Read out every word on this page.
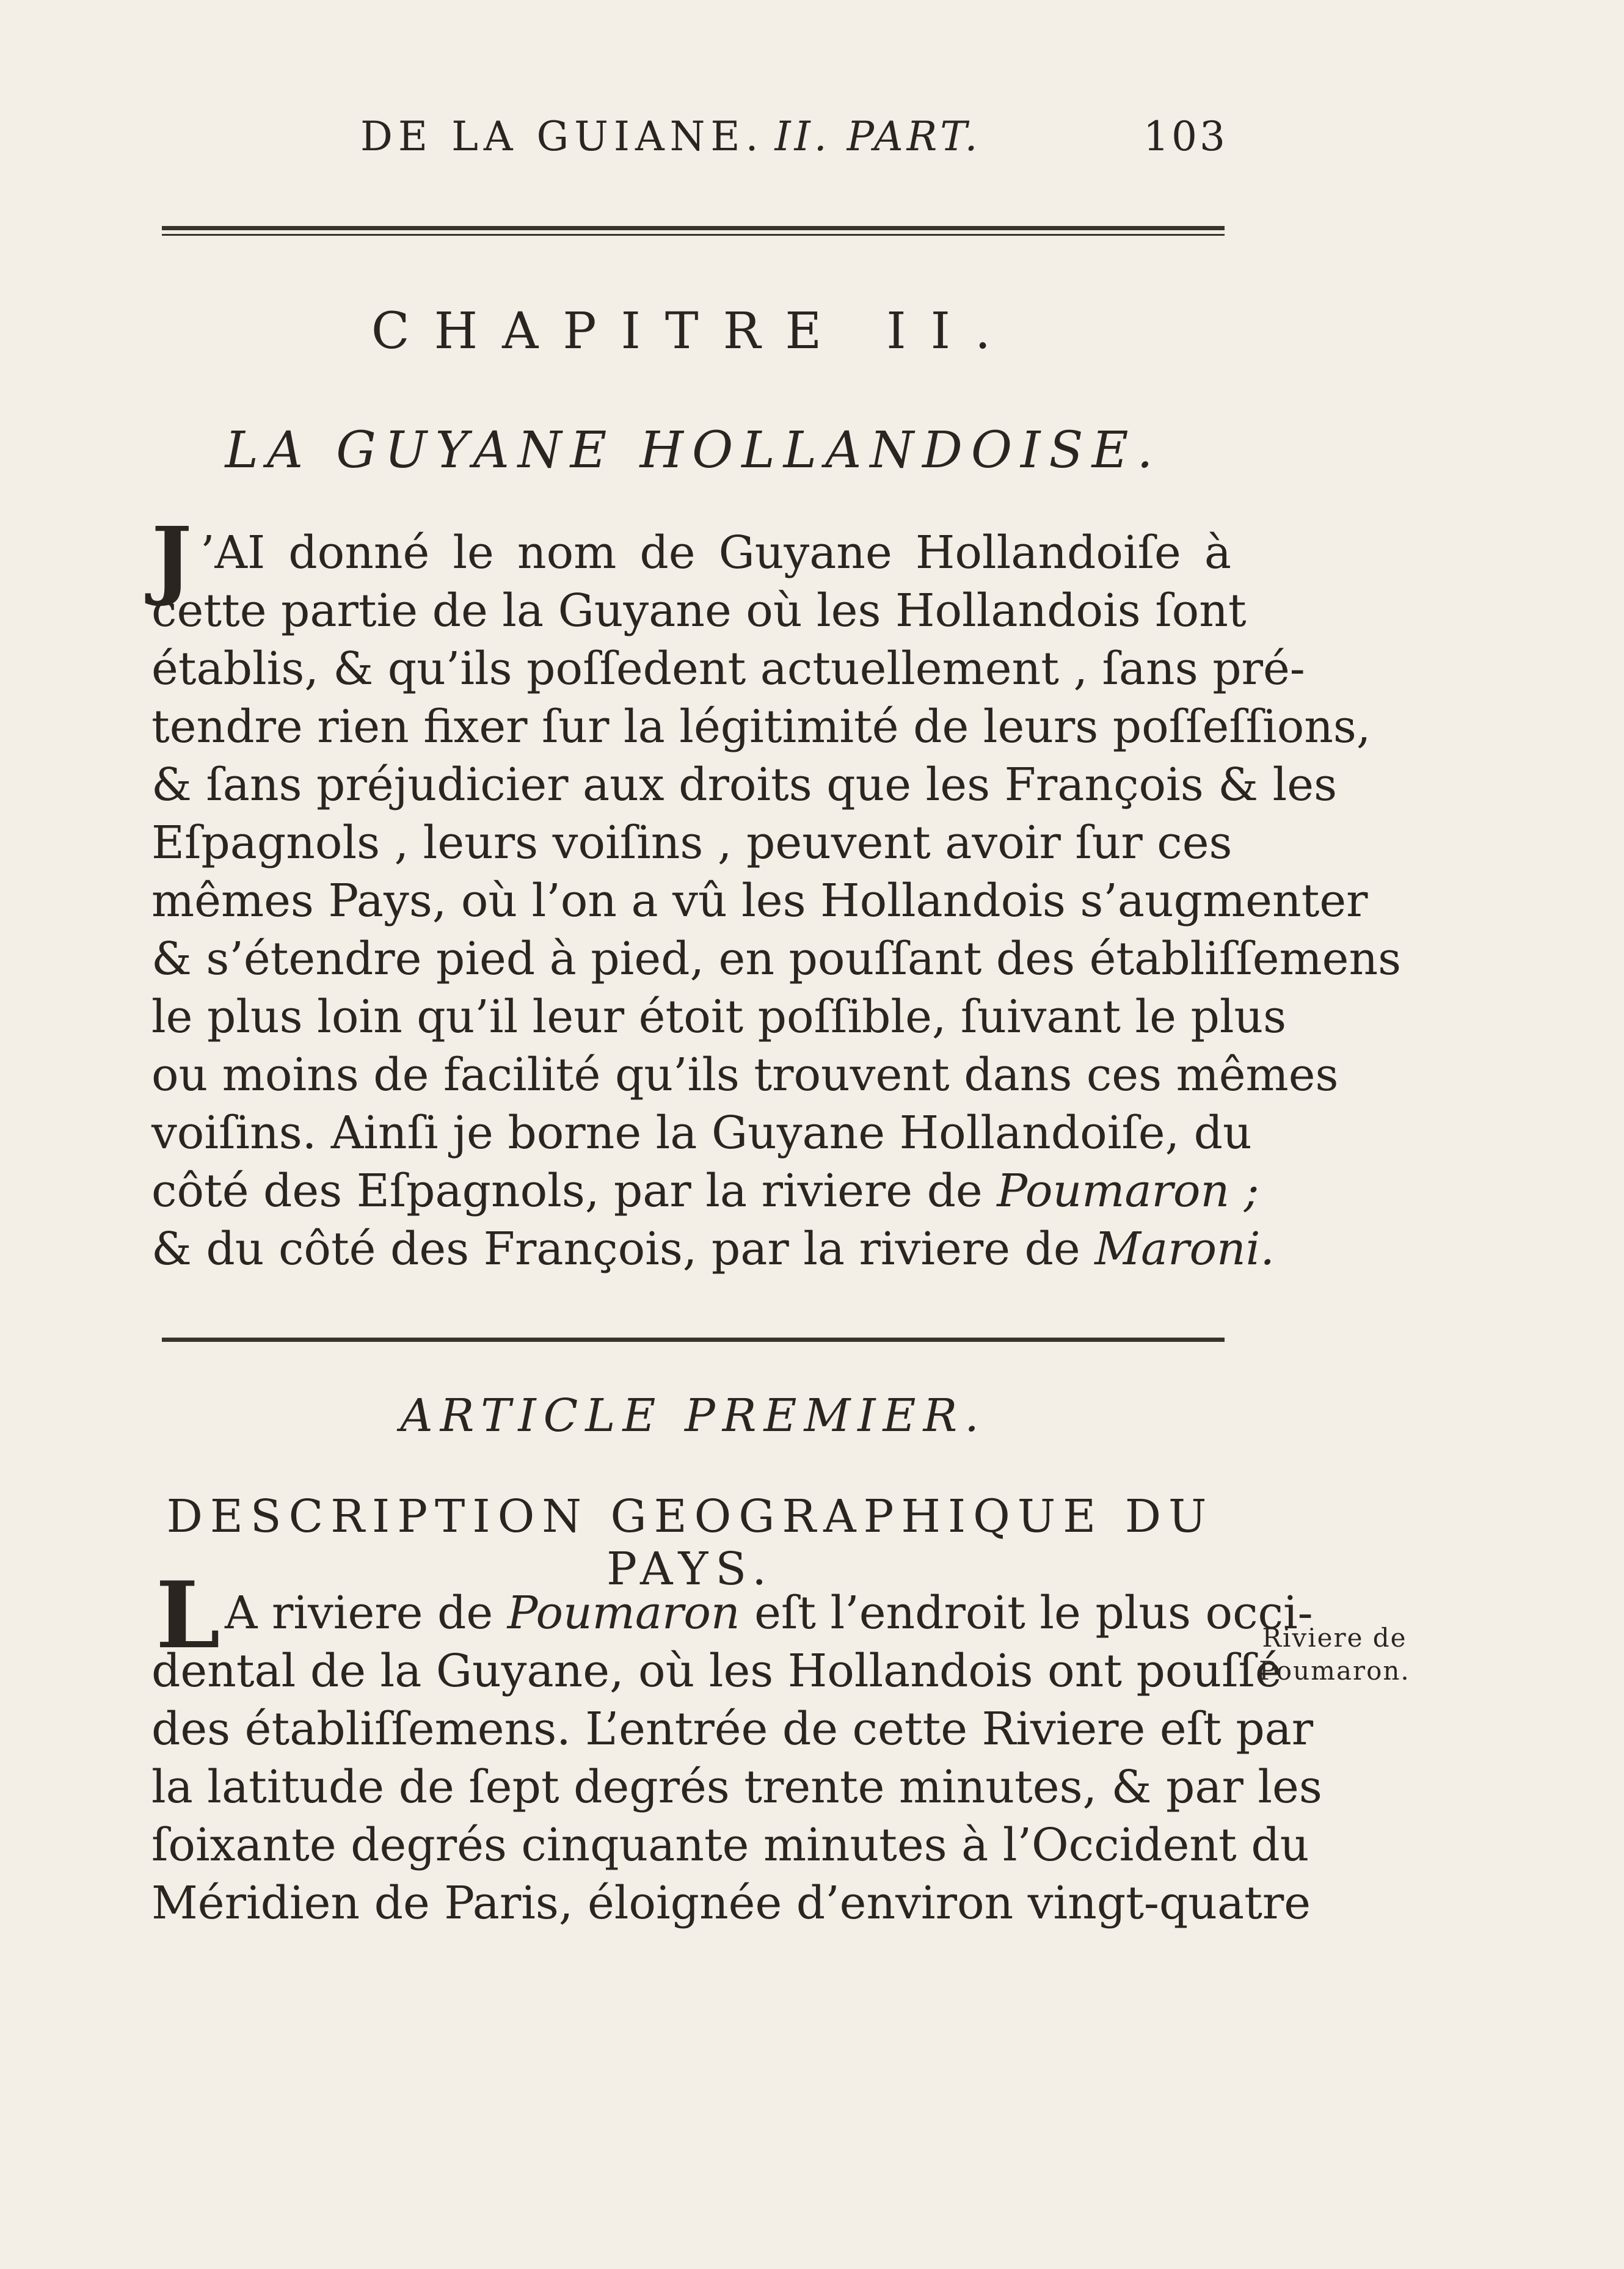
DE LA GUIANE. II. PART.	103
CHAPITRE II.
LA GUYANE HOLLANDOISE.
J ’AI donné le nom de Guyane Hollandoiſe à
cette partie de la Guyane où les Hollandois ſont
établis, & qu’ils poſſedent actuellement , ſans pré-
tendre rien fixer ſur la légitimité de leurs poſſeſſions,
& ſans préjudicier aux droits que les François & les
Eſpagnols , leurs voiſins , peuvent avoir ſur ces
mêmes Pays, où l’on a vû les Hollandois s’augmenter
& s’étendre pied à pied, en pouſſant des établiſſemens
le plus loin qu’il leur étoit poſſible, ſuivant le plus
ou moins de facilité qu’ils trouvent dans ces mêmes
voiſins. Ainſi je borne la Guyane Hollandoiſe, du
côté des Eſpagnols, par la riviere de Poumaron ;
& du côté des François, par la riviere de Maroni.
ARTICLE PREMIER.
DESCRIPTION GEOGRAPHIQUE DU PAYS.
L A riviere de Poumaron eſt l’endroit le plus occi-
dental de la Guyane, où les Hollandois ont pouſſé
des établiſſemens. L’entrée de cette Riviere eſt par
la latitude de ſept degrés trente minutes, & par les
ſoixante degrés cinquante minutes à l’Occident du
Méridien de Paris, éloignée d’environ vingt-quatre
Riviere de
Poumaron.
